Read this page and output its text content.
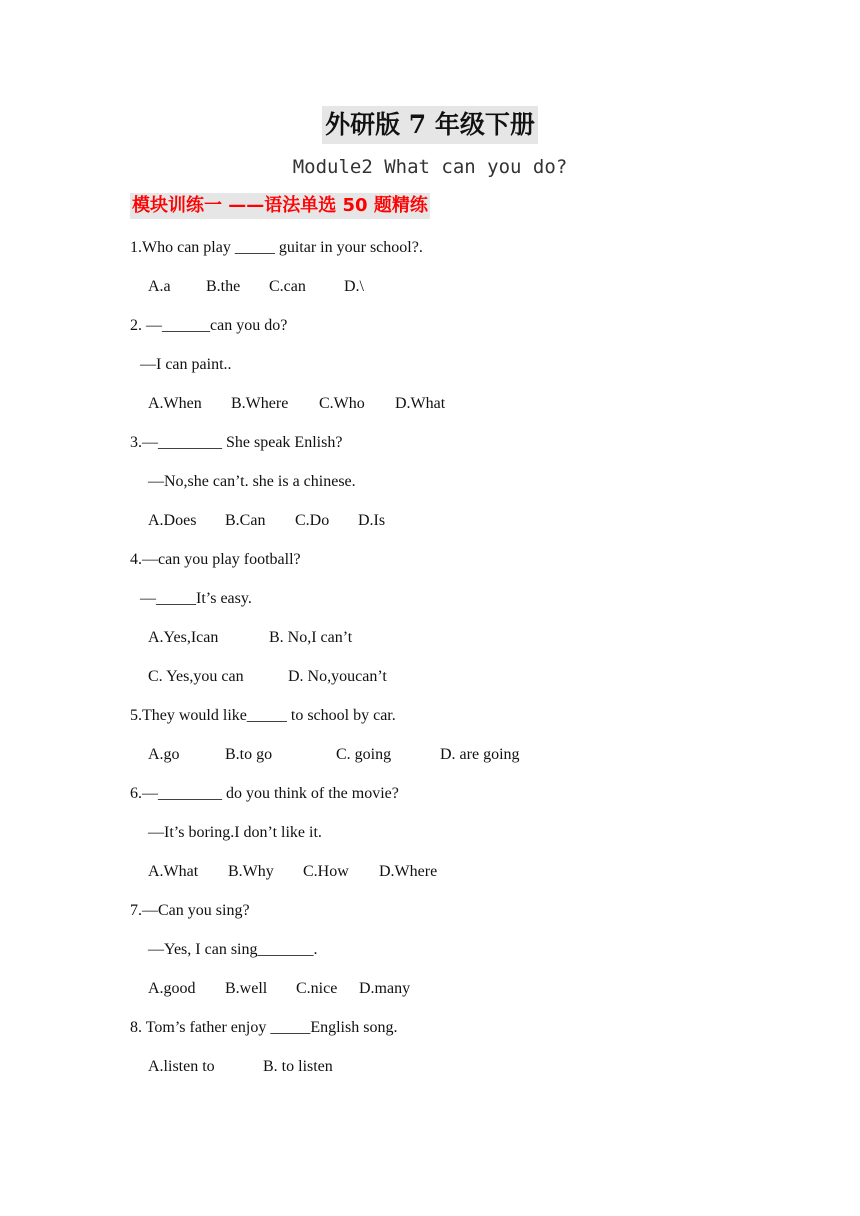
外研版 7 年级下册
Module2 What can you do?
模块训练一 ——语法单选 50 题精练
1.Who can play _____ guitar in your school?.
A.a B.the C.can D.\
2. —______can you do?
—I can paint..
A.When B.Where C.Who D.What
3.—________ She speak Enlish?
—No,she can’t. she is a chinese.
A.Does B.Can C.Do D.Is
4.—can you play football?
—_____It’s easy.
A.Yes,Ican	B. No,I can’t
C. Yes,you can	D. No,youcan’t
5.They would like_____ to school by car.
A.go	B.to go	C. going	D. are going
6.—________ do you think of the movie?
—It’s boring.I don’t like it.
A.What B.Why C.How D.Where
7.—Can you sing?
—Yes, I can sing_______.
A.good B.well C.nice D.many
8. Tom’s father enjoy _____English song.
A.listen to	B. to listen
